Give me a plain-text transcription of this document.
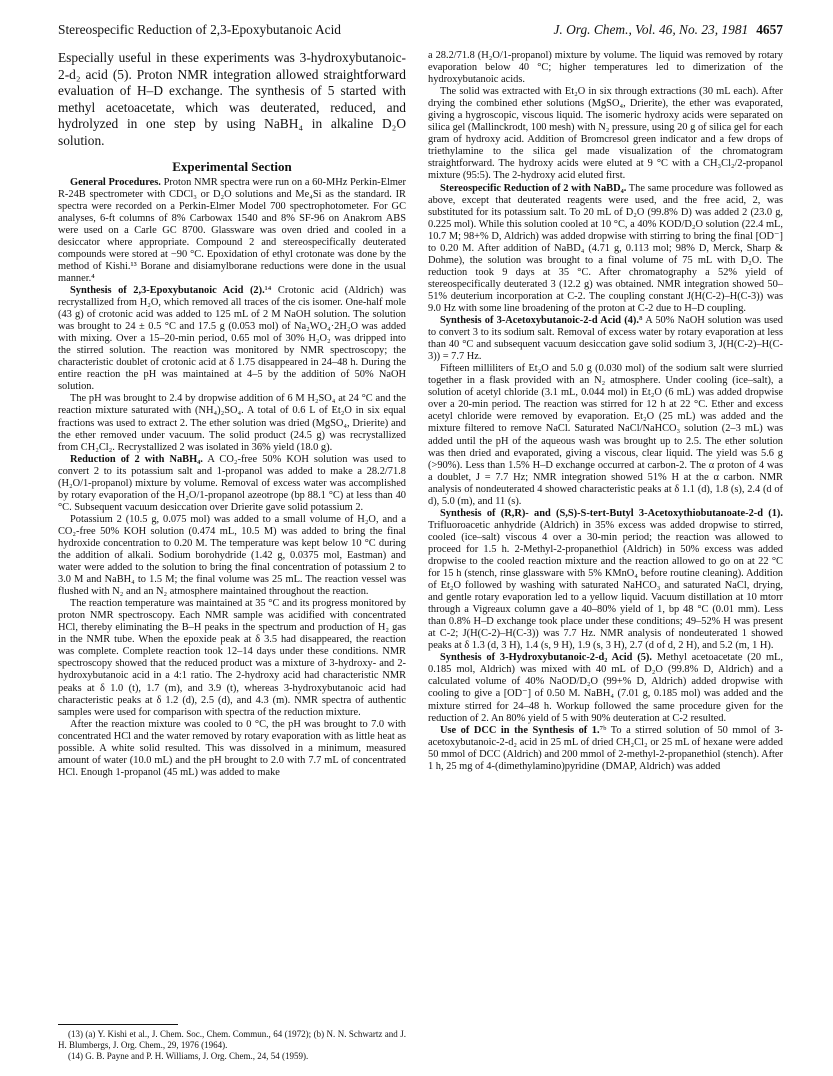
Stereospecific Reduction of 2,3-Epoxybutanoic Acid	J. Org. Chem., Vol. 46, No. 23, 1981 4657

Especially useful in these experiments was 3-hydroxybutanoic-2-d₂ acid (5). Proton NMR integration allowed straightforward evaluation of H–D exchange. The synthesis of 5 started with methyl acetoacetate, which was deuterated, reduced, and hydrolyzed in one step by using NaBH₄ in alkaline D₂O solution.

Experimental Section

General Procedures. Proton NMR spectra were run on a 60-MHz Perkin-Elmer R-24B spectrometer with CDCl₃ or D₂O solutions and Me₄Si as the standard. IR spectra were recorded on a Perkin-Elmer Model 700 spectrophotometer. For GC analyses, 6-ft columns of 8% Carbowax 1540 and 8% SF-96 on Anakrom ABS were used on a Carle GC 8700. Glassware was oven dried and cooled in a desiccator where appropriate. Compound 2 and stereospecifically deuterated compounds were stored at −90 °C. Epoxidation of ethyl crotonate was done by the method of Kishi.¹³ Borane and disiamylborane reductions were done in the usual manner.⁴

Synthesis of 2,3-Epoxybutanoic Acid (2).¹⁴ Crotonic acid (Aldrich) was recrystallized from H₂O, which removed all traces of the cis isomer. One-half mole (43 g) of crotonic acid was added to 125 mL of 2 M NaOH solution. The solution was brought to 24 ± 0.5 °C and 17.5 g (0.053 mol) of Na₂WO₄·2H₂O was added with mixing. Over a 15–20-min period, 0.65 mol of 30% H₂O₂ was dripped into the stirred solution. The reaction was monitored by NMR spectroscopy; the characteristic doublet of crotonic acid at δ 1.75 disappeared in 24–48 h. During the entire reaction the pH was maintained at 4–5 by the addition of 50% NaOH solution.

The pH was brought to 2.4 by dropwise addition of 6 M H₂SO₄ at 24 °C and the reaction mixture saturated with (NH₄)₂SO₄. A total of 0.6 L of Et₂O in six equal fractions was used to extract 2. The ether solution was dried (MgSO₄, Drierite) and the ether removed under vacuum. The solid product (24.5 g) was recrystallized from CH₂Cl₂. Recrystallized 2 was isolated in 36% yield (18.0 g).

Reduction of 2 with NaBH₄. A CO₂-free 50% KOH solution was used to convert 2 to its potassium salt and 1-propanol was added to make a 28.2/71.8 (H₂O/1-propanol) mixture by volume. Removal of excess water was accomplished by rotary evaporation of the H₂O/1-propanol azeotrope (bp 88.1 °C) at less than 40 °C. Subsequent vacuum desiccation over Drierite gave solid potassium 2.

Potassium 2 (10.5 g, 0.075 mol) was added to a small volume of H₂O, and a CO₂-free 50% KOH solution (0.474 mL, 10.5 M) was added to bring the final hydroxide concentration to 0.20 M. The temperature was kept below 10 °C during the addition of alkali. Sodium borohydride (1.42 g, 0.0375 mol, Eastman) and water were added to the solution to bring the final concentration of potassium 2 to 3.0 M and NaBH₄ to 1.5 M; the final volume was 25 mL. The reaction vessel was flushed with N₂ and an N₂ atmosphere maintained throughout the reaction.

The reaction temperature was maintained at 35 °C and its progress monitored by proton NMR spectroscopy. Each NMR sample was acidified with concentrated HCl, thereby eliminating the B–H peaks in the spectrum and production of H₂ gas in the NMR tube. When the epoxide peak at δ 3.5 had disappeared, the reaction was complete. Complete reaction took 12–14 days under these conditions. NMR spectroscopy showed that the reduced product was a mixture of 3-hydroxy- and 2-hydroxybutanoic acid in a 4:1 ratio. The 2-hydroxy acid had characteristic NMR peaks at δ 1.0 (t), 1.7 (m), and 3.9 (t), whereas 3-hydroxybutanoic acid had characteristic peaks at δ 1.2 (d), 2.5 (d), and 4.3 (m). NMR spectra of authentic samples were used for comparison with spectra of the reduction mixture.

After the reaction mixture was cooled to 0 °C, the pH was brought to 7.0 with concentrated HCl and the water removed by rotary evaporation with as little heat as possible. A white solid resulted. This was dissolved in a minimum, measured amount of water (10.0 mL) and the pH brought to 2.0 with 7.7 mL of concentrated HCl. Enough 1-propanol (45 mL) was added to make

a 28.2/71.8 (H₂O/1-propanol) mixture by volume. The liquid was removed by rotary evaporation below 40 °C; higher temperatures led to dimerization of the hydroxybutanoic acids.

The solid was extracted with Et₂O in six through extractions (30 mL each). After drying the combined ether solutions (MgSO₄, Drierite), the ether was evaporated, giving a hygroscopic, viscous liquid. The isomeric hydroxy acids were separated on silica gel (Mallinckrodt, 100 mesh) with N₂ pressure, using 20 g of silica gel for each gram of hydroxy acid. Addition of Bromcresol green indicator and a few drops of triethylamine to the silica gel made visualization of the chromatogram straightforward. The hydroxy acids were eluted at 9 °C with a CH₃Cl₂/2-propanol mixture (95:5). The 2-hydroxy acid eluted first.

Stereospecific Reduction of 2 with NaBD₄. The same procedure was followed as above, except that deuterated reagents were used, and the free acid, 2, was substituted for its potassium salt. To 20 mL of D₂O (99.8% D) was added 2 (23.0 g, 0.225 mol). While this solution cooled at 10 °C, a 40% KOD/D₂O solution (22.4 mL, 10.7 M; 98+% D, Aldrich) was added dropwise with stirring to bring the final [OD⁻] to 0.20 M. After addition of NaBD₄ (4.71 g, 0.113 mol; 98% D, Merck, Sharp & Dohme), the solution was brought to a final volume of 75 mL with D₂O. The reduction took 9 days at 35 °C. After chromatography a 52% yield of stereospecifically deuterated 3 (12.2 g) was obtained. NMR integration showed 50–51% deuterium incorporation at C-2. The coupling constant J(H(C-2)–H(C-3)) was 9.0 Hz with some line broadening of the proton at C-2 due to H–D coupling.

Synthesis of 3-Acetoxybutanoic-2-d Acid (4).⁸ A 50% NaOH solution was used to convert 3 to its sodium salt. Removal of excess water by rotary evaporation at less than 40 °C and subsequent vacuum desiccation gave solid sodium 3, J(H(C-2)–H(C-3)) = 7.7 Hz.

Fifteen milliliters of Et₂O and 5.0 g (0.030 mol) of the sodium salt were slurried together in a flask provided with an N₂ atmosphere. Under cooling (ice–salt), a solution of acetyl chloride (3.1 mL, 0.044 mol) in Et₂O (6 mL) was added dropwise over a 20-min period. The reaction was stirred for 12 h at 22 °C. Ether and excess acetyl chloride were removed by evaporation. Et₂O (25 mL) was added and the mixture filtered to remove NaCl. Saturated NaCl/NaHCO₃ solution (2–3 mL) was added until the pH of the aqueous wash was brought up to 2.5. The ether solution was then dried and evaporated, giving a viscous, clear liquid. The yield was 5.6 g (>90%). Less than 1.5% H–D exchange occurred at carbon-2. The α proton of 4 was a doublet, J = 7.7 Hz; NMR integration showed 51% H at the α carbon. NMR analysis of nondeuterated 4 showed characteristic peaks at δ 1.1 (d), 1.8 (s), 2.4 (d of d), 5.0 (m), and 11 (s).

Synthesis of (R,R)- and (S,S)-S-tert-Butyl 3-Acetoxythiobutanoate-2-d (1). Trifluoroacetic anhydride (Aldrich) in 35% excess was added dropwise to stirred, cooled (ice–salt) viscous 4 over a 30-min period; the reaction was allowed to proceed for 1.5 h. 2-Methyl-2-propanethiol (Aldrich) in 50% excess was added dropwise to the cooled reaction mixture and the reaction allowed to go on at 22 °C for 15 h (stench, rinse glassware with 5% KMnO₄ before routine cleaning). Addition of Et₂O followed by washing with saturated NaHCO₃ and saturated NaCl, drying, and gentle rotary evaporation led to a yellow liquid. Vacuum distillation at 10 mtorr through a Vigreaux column gave a 40–80% yield of 1, bp 48 °C (0.01 mm). Less than 0.8% H–D exchange took place under these conditions; 49–52% H was present at C-2; J(H(C-2)–H(C-3)) was 7.7 Hz. NMR analysis of nondeuterated 1 showed peaks at δ 1.3 (d, 3 H), 1.4 (s, 9 H), 1.9 (s, 3 H), 2.7 (d of d, 2 H), and 5.2 (m, 1 H).

Synthesis of 3-Hydroxybutanoic-2-d₂ Acid (5). Methyl acetoacetate (20 mL, 0.185 mol, Aldrich) was mixed with 40 mL of D₂O (99.8% D, Aldrich) and a calculated volume of 40% NaOD/D₂O (99+% D, Aldrich) added dropwise with cooling to give a [OD⁻] of 0.50 M. NaBH₄ (7.01 g, 0.185 mol) was added and the mixture stirred for 24–48 h. Workup followed the same procedure given for the reduction of 2. An 80% yield of 5 with 90% deuteration at C-2 resulted.

Use of DCC in the Synthesis of 1.⁷ᵇ To a stirred solution of 50 mmol of 3-acetoxybutanoic-2-d₂ acid in 25 mL of dried CH₂Cl₂ or 25 mL of hexane were added 50 mmol of DCC (Aldrich) and 200 mmol of 2-methyl-2-propanethiol (stench). After 1 h, 25 mg of 4-(dimethylamino)pyridine (DMAP, Aldrich) was added

(13) (a) Y. Kishi et al., J. Chem. Soc., Chem. Commun., 64 (1972); (b) N. N. Schwartz and J. H. Blumbergs, J. Org. Chem., 29, 1976 (1964).

(14) G. B. Payne and P. H. Williams, J. Org. Chem., 24, 54 (1959).
